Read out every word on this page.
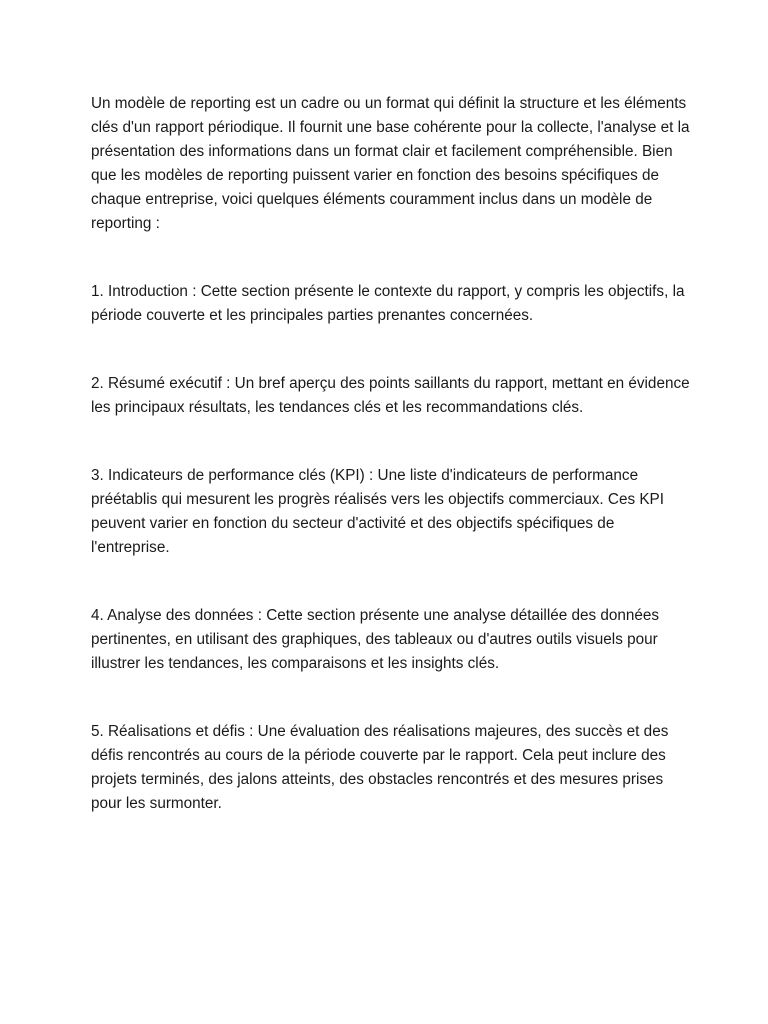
Un modèle de reporting est un cadre ou un format qui définit la structure et les éléments clés d'un rapport périodique. Il fournit une base cohérente pour la collecte, l'analyse et la présentation des informations dans un format clair et facilement compréhensible. Bien que les modèles de reporting puissent varier en fonction des besoins spécifiques de chaque entreprise, voici quelques éléments couramment inclus dans un modèle de reporting :

1. Introduction : Cette section présente le contexte du rapport, y compris les objectifs, la période couverte et les principales parties prenantes concernées.

2. Résumé exécutif : Un bref aperçu des points saillants du rapport, mettant en évidence les principaux résultats, les tendances clés et les recommandations clés.

3. Indicateurs de performance clés (KPI) : Une liste d'indicateurs de performance préétablis qui mesurent les progrès réalisés vers les objectifs commerciaux. Ces KPI peuvent varier en fonction du secteur d'activité et des objectifs spécifiques de l'entreprise.

4. Analyse des données : Cette section présente une analyse détaillée des données pertinentes, en utilisant des graphiques, des tableaux ou d'autres outils visuels pour illustrer les tendances, les comparaisons et les insights clés.

5. Réalisations et défis : Une évaluation des réalisations majeures, des succès et des défis rencontrés au cours de la période couverte par le rapport. Cela peut inclure des projets terminés, des jalons atteints, des obstacles rencontrés et des mesures prises pour les surmonter.
